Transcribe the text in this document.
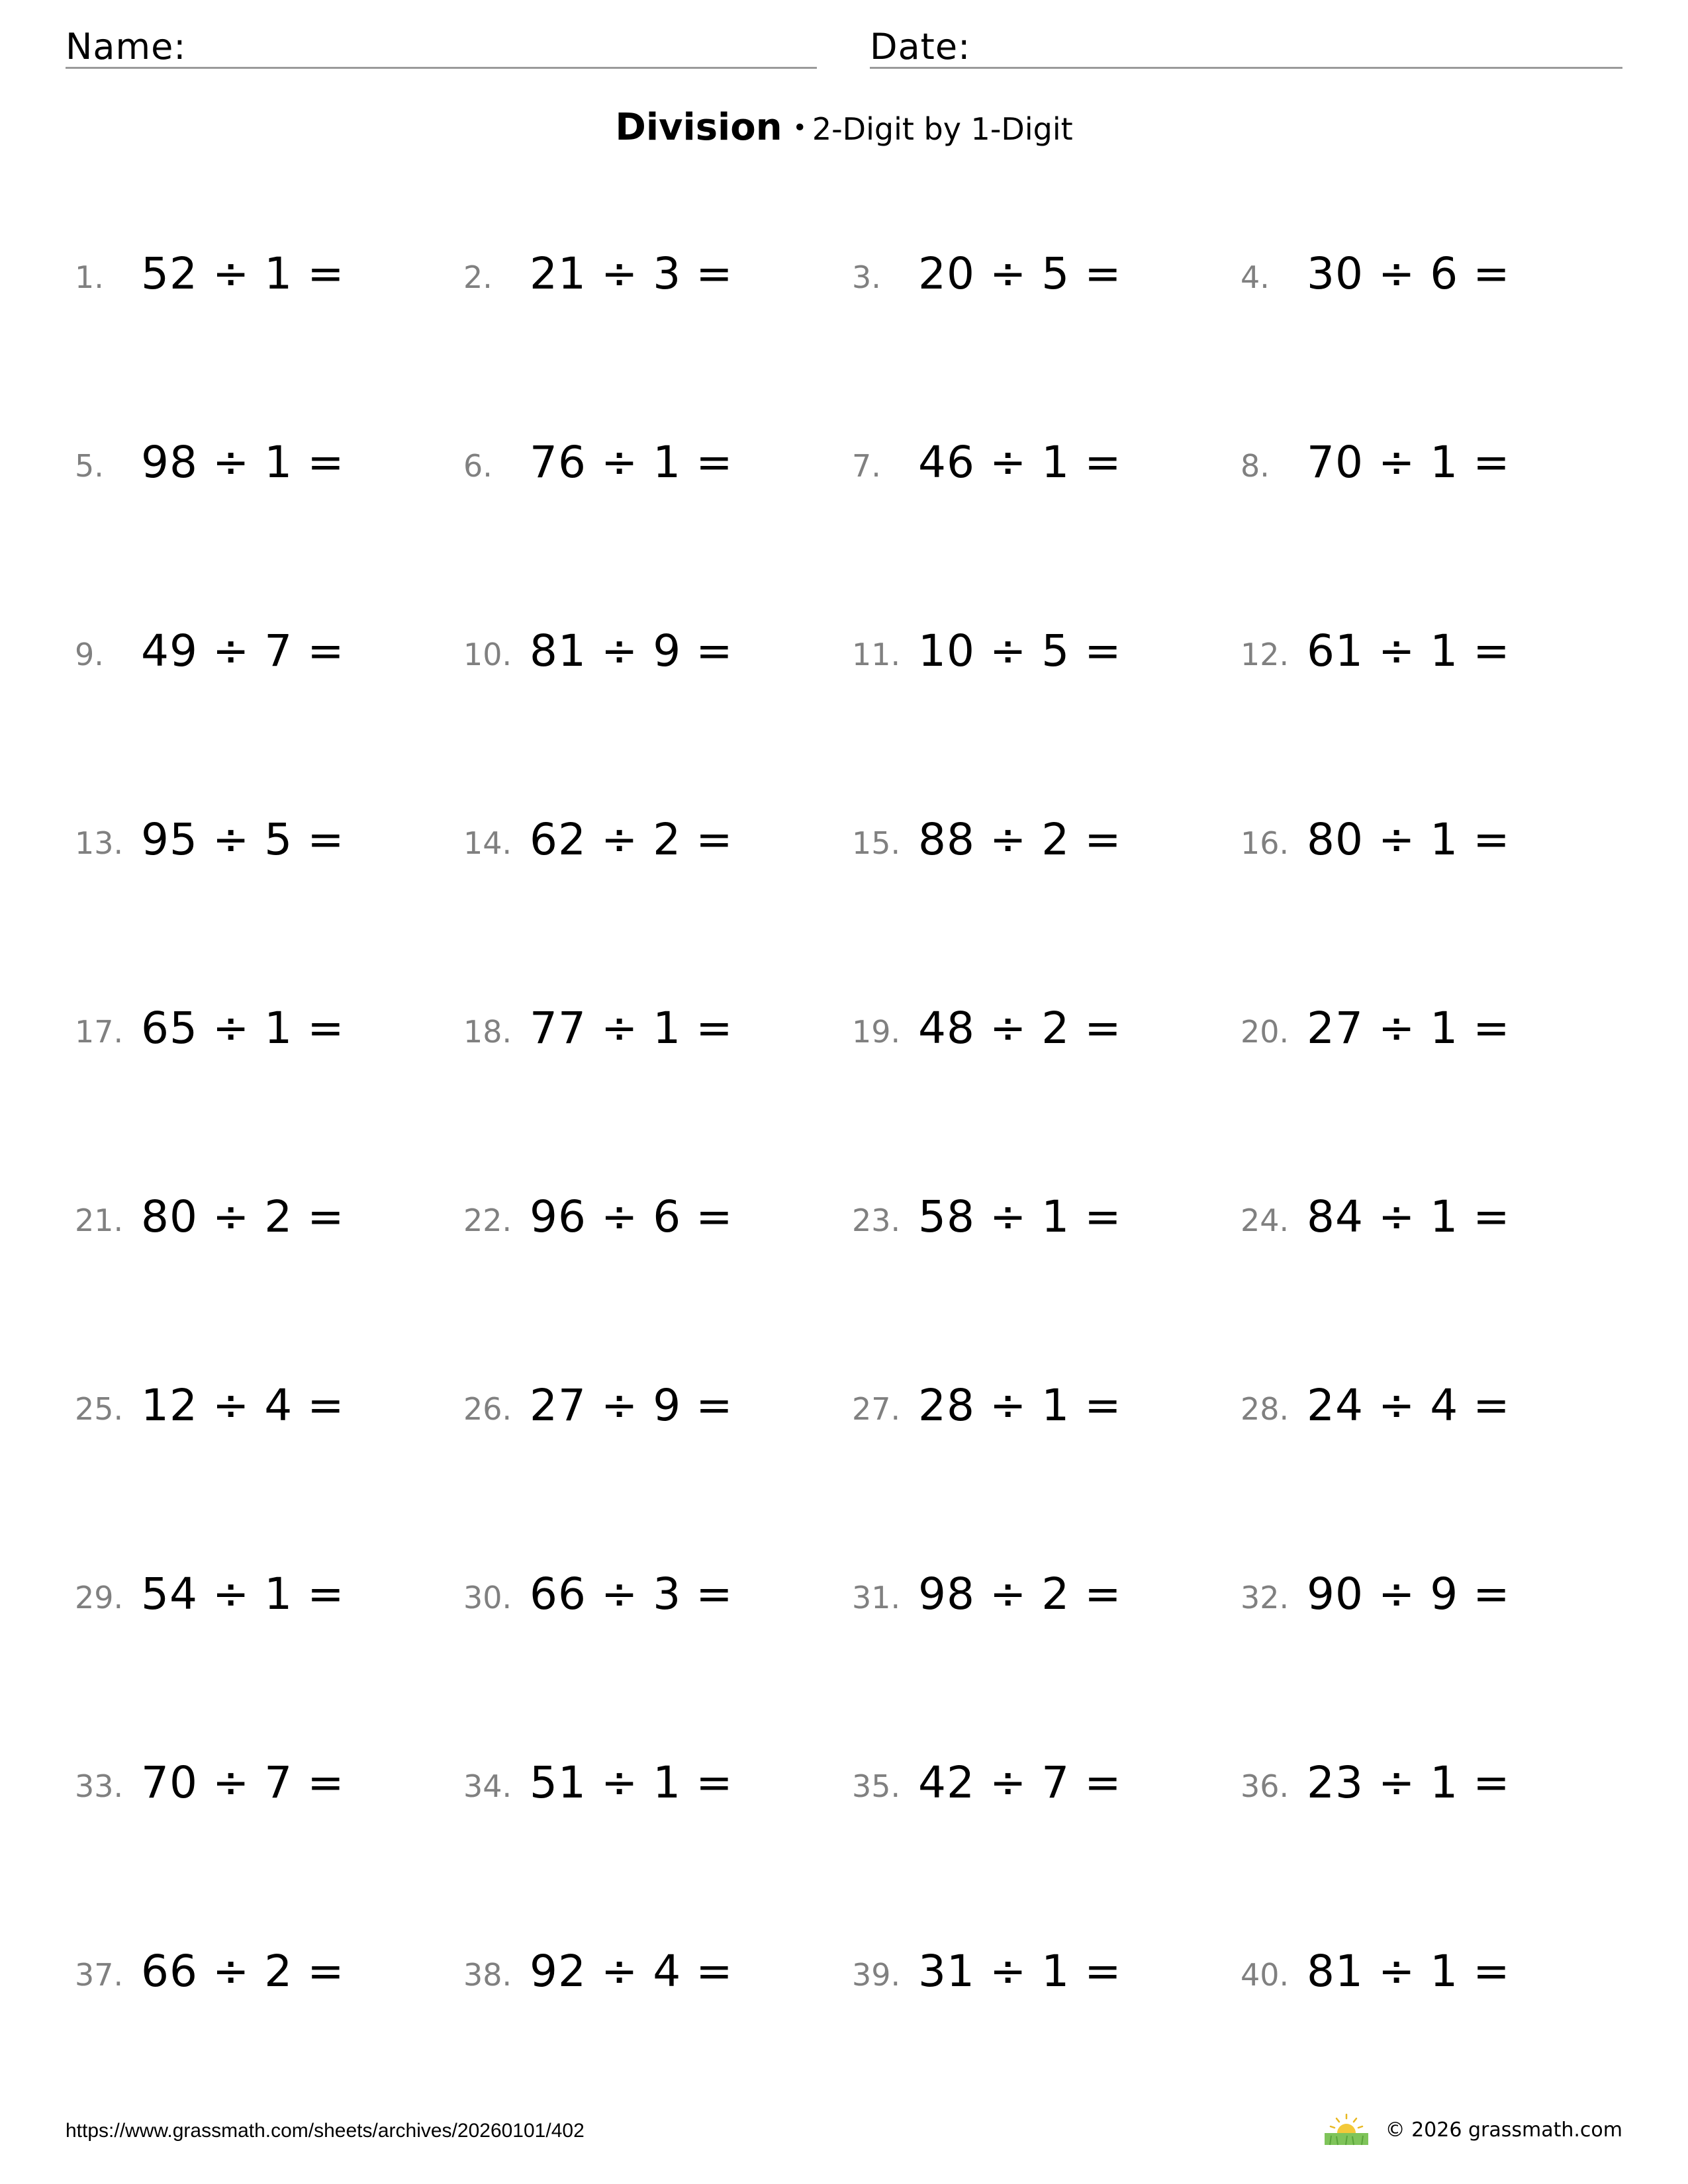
Name:	Date:
Division • 2-Digit by 1-Digit
1. 52 ÷ 1 =	2. 21 ÷ 3 =	3. 20 ÷ 5 =	4. 30 ÷ 6 =
5. 98 ÷ 1 =	6. 76 ÷ 1 =	7. 46 ÷ 1 =	8. 70 ÷ 1 =
9. 49 ÷ 7 =	10. 81 ÷ 9 =	11. 10 ÷ 5 =	12. 61 ÷ 1 =
13. 95 ÷ 5 =	14. 62 ÷ 2 =	15. 88 ÷ 2 =	16. 80 ÷ 1 =
17. 65 ÷ 1 =	18. 77 ÷ 1 =	19. 48 ÷ 2 =	20. 27 ÷ 1 =
21. 80 ÷ 2 =	22. 96 ÷ 6 =	23. 58 ÷ 1 =	24. 84 ÷ 1 =
25. 12 ÷ 4 =	26. 27 ÷ 9 =	27. 28 ÷ 1 =	28. 24 ÷ 4 =
29. 54 ÷ 1 =	30. 66 ÷ 3 =	31. 98 ÷ 2 =	32. 90 ÷ 9 =
33. 70 ÷ 7 =	34. 51 ÷ 1 =	35. 42 ÷ 7 =	36. 23 ÷ 1 =
37. 66 ÷ 2 =	38. 92 ÷ 4 =	39. 31 ÷ 1 =	40. 81 ÷ 1 =
https://www.grassmath.com/sheets/archives/20260101/402	© 2026 grassmath.com
